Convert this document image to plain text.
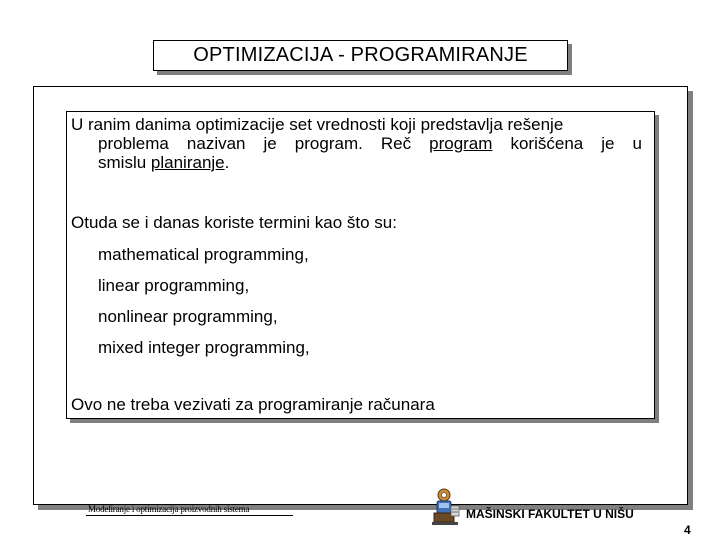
OPTIMIZACIJA - PROGRAMIRANJE
U ranim danima optimizacije set vrednosti koji predstavlja rešenje
problema nazivan je program. Reč program korišćena je u
smislu planiranje.
Otuda se i danas koriste termini kao što su:
mathematical programming,
linear programming,
nonlinear programming,
mixed integer programming,
Ovo ne treba vezivati za programiranje računara
Modeliranje i optimizacija proizvodnih sistema	MAŠINSKI FAKULTET U NIŠU
4
